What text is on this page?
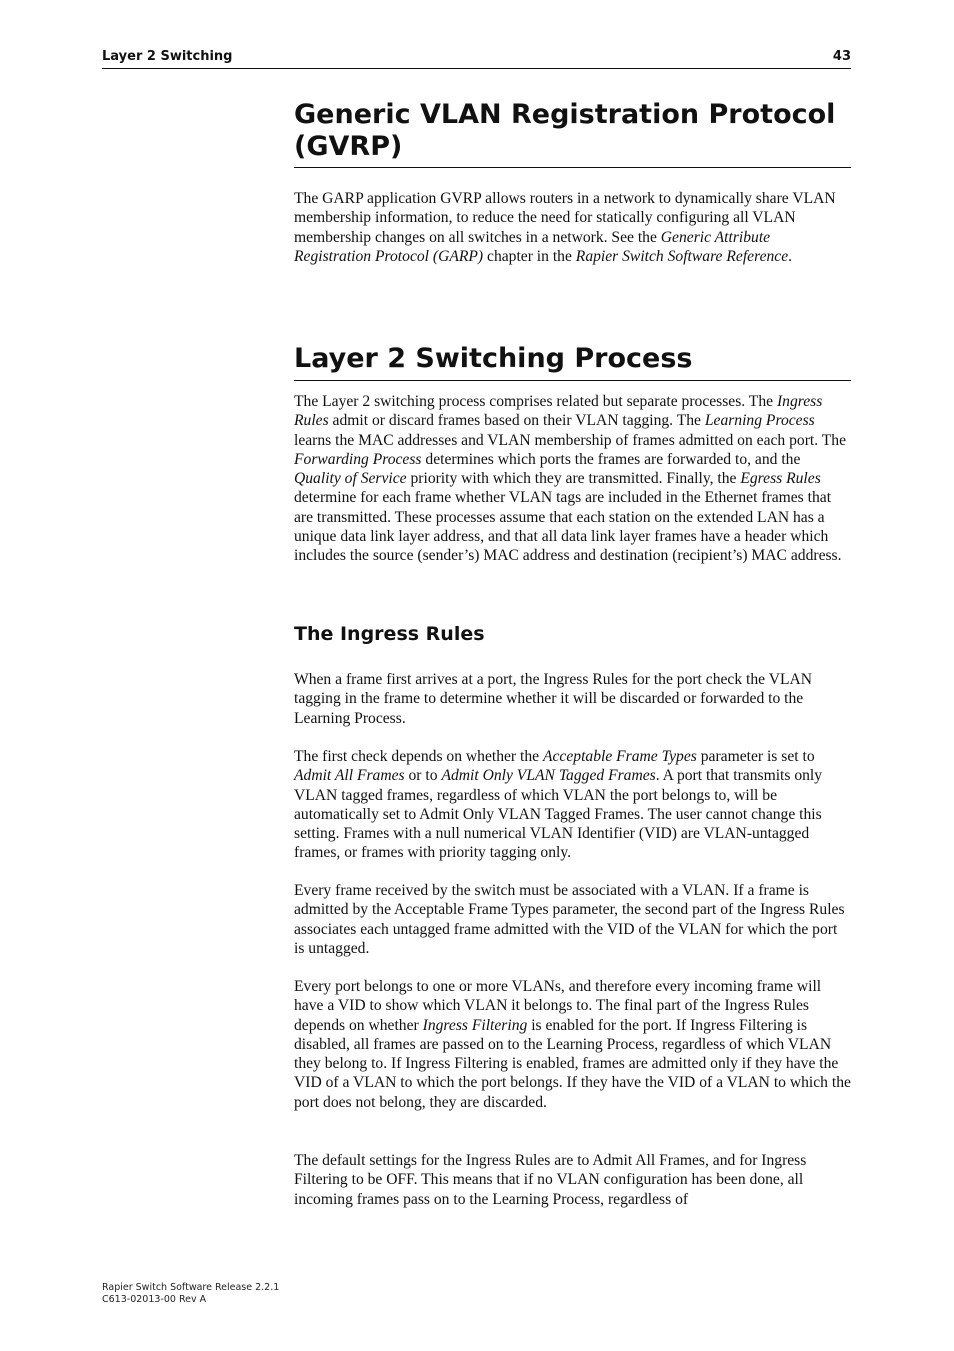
Layer 2 Switching	43
Generic VLAN Registration Protocol
(GVRP)

The GARP application GVRP allows routers in a network to dynamically share VLAN membership information, to reduce the need for statically configuring all VLAN membership changes on all switches in a network. See the Generic Attribute Registration Protocol (GARP) chapter in the Rapier Switch Software Reference.

Layer 2 Switching Process

The Layer 2 switching process comprises related but separate processes. The Ingress Rules admit or discard frames based on their VLAN tagging. The Learning Process learns the MAC addresses and VLAN membership of frames admitted on each port. The Forwarding Process determines which ports the frames are forwarded to, and the Quality of Service priority with which they are transmitted. Finally, the Egress Rules determine for each frame whether VLAN tags are included in the Ethernet frames that are transmitted. These processes assume that each station on the extended LAN has a unique data link layer address, and that all data link layer frames have a header which includes the source (sender’s) MAC address and destination (recipient’s) MAC address.

The Ingress Rules

When a frame first arrives at a port, the Ingress Rules for the port check the VLAN tagging in the frame to determine whether it will be discarded or forwarded to the Learning Process.

The first check depends on whether the Acceptable Frame Types parameter is set to Admit All Frames or to Admit Only VLAN Tagged Frames. A port that transmits only VLAN tagged frames, regardless of which VLAN the port belongs to, will be automatically set to Admit Only VLAN Tagged Frames. The user cannot change this setting. Frames with a null numerical VLAN Identifier (VID) are VLAN-untagged frames, or frames with priority tagging only.

Every frame received by the switch must be associated with a VLAN. If a frame is admitted by the Acceptable Frame Types parameter, the second part of the Ingress Rules associates each untagged frame admitted with the VID of the VLAN for which the port is untagged.

Every port belongs to one or more VLANs, and therefore every incoming frame will have a VID to show which VLAN it belongs to. The final part of the Ingress Rules depends on whether Ingress Filtering is enabled for the port. If Ingress Filtering is disabled, all frames are passed on to the Learning Process, regardless of which VLAN they belong to. If Ingress Filtering is enabled, frames are admitted only if they have the VID of a VLAN to which the port belongs. If they have the VID of a VLAN to which the port does not belong, they are discarded.

The default settings for the Ingress Rules are to Admit All Frames, and for Ingress Filtering to be OFF. This means that if no VLAN configuration has been done, all incoming frames pass on to the Learning Process, regardless of

Rapier Switch Software Release 2.2.1
C613-02013-00 Rev A
